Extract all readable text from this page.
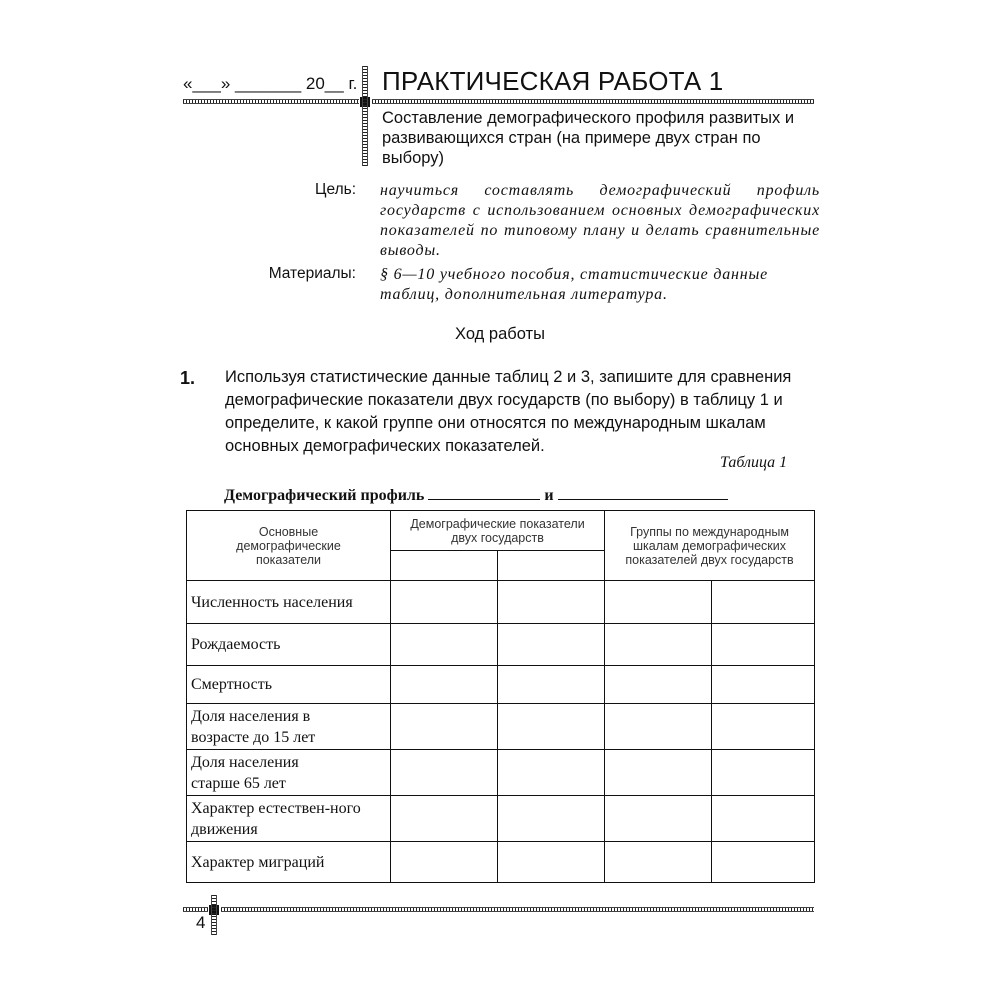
«___» _______ 20__ г. ПРАКТИЧЕСКАЯ РАБОТА 1
Составление демографического профиля развитых и развивающихся стран (на примере двух стран по выбору)
Цель: научиться составлять демографический профиль государств с использованием основных демографических показателей по типовому плану и делать сравнительные выводы.
Материалы: § 6—10 учебного пособия, статистические данные таблиц, дополнительная литература.
Ход работы
1. Используя статистические данные таблиц 2 и 3, запишите для сравнения демографические показатели двух государств (по выбору) в таблицу 1 и определите, к какой группе они относятся по международным шкалам основных демографических показателей.
Таблица 1
Демографический профиль	и
Основные демографические показатели	Демографические показатели двух государств		Группы по международным шкалам демографических показателей двух государств	

Численность населения				
Рождаемость				
Смертность				
Доля населения в возрасте до 15 лет				
Доля населения старше 65 лет				
Характер естествен-ного движения				
Характер миграций				
4
